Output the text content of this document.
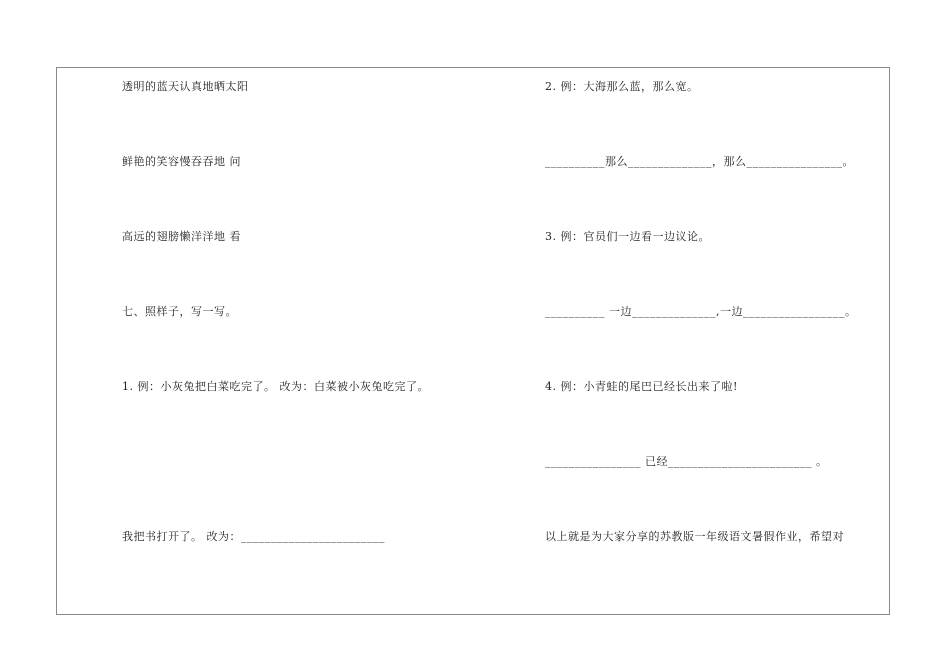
透明的蓝天认真地晒太阳
鲜艳的笑容慢吞吞地 问
高远的翅膀懒洋洋地 看
七、照样子，写一写。
1. 例：小灰兔把白菜吃完了。 改为：白菜被小灰兔吃完了。
我把书打开了。 改为：________________________
2. 例：大海那么蓝，那么宽。
__________那么______________，那么________________。
3. 例：官员们一边看一边议论。
__________ 一边______________,一边_________________。
4. 例：小青蛙的尾巴已经长出来了啦!
________________ 已经________________________ 。
以上就是为大家分享的苏教版一年级语文暑假作业，希望对
